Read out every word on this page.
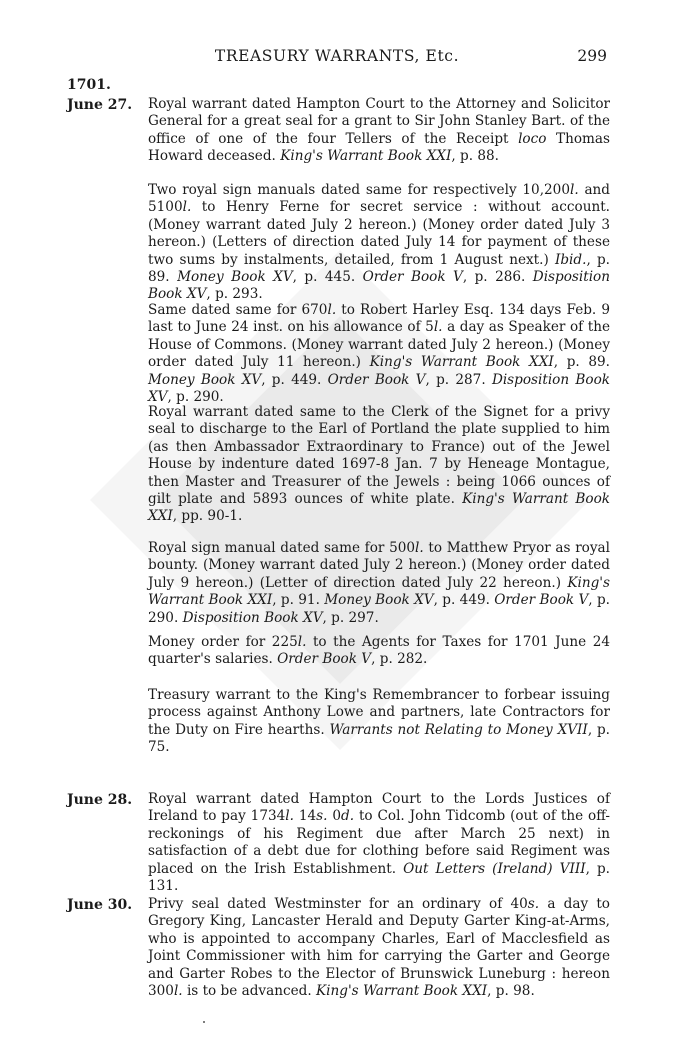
TREASURY WARRANTS, Etc.	299
1701.
June 27. Royal warrant dated Hampton Court to the Attorney and Solicitor General for a great seal for a grant to Sir John Stanley Bart. of the office of one of the four Tellers of the Receipt loco Thomas Howard deceased. King's Warrant Book XXI, p. 88.
Two royal sign manuals dated same for respectively 10,200l. and 5100l. to Henry Ferne for secret service : without account. (Money warrant dated July 2 hereon.) (Money order dated July 3 hereon.) (Letters of direction dated July 14 for payment of these two sums by instalments, detailed, from 1 August next.) Ibid., p. 89. Money Book XV, p. 445. Order Book V, p. 286. Disposition Book XV, p. 293.
Same dated same for 670l. to Robert Harley Esq. 134 days Feb. 9 last to June 24 inst. on his allowance of 5l. a day as Speaker of the House of Commons. (Money warrant dated July 2 hereon.) (Money order dated July 11 hereon.) King's Warrant Book XXI, p. 89. Money Book XV, p. 449. Order Book V, p. 287. Disposition Book XV, p. 290.
Royal warrant dated same to the Clerk of the Signet for a privy seal to discharge to the Earl of Portland the plate supplied to him (as then Ambassador Extraordinary to France) out of the Jewel House by indenture dated 1697-8 Jan. 7 by Heneage Montague, then Master and Treasurer of the Jewels : being 1066 ounces of gilt plate and 5893 ounces of white plate. King's Warrant Book XXI, pp. 90-1.
Royal sign manual dated same for 500l. to Matthew Pryor as royal bounty. (Money warrant dated July 2 hereon.) (Money order dated July 9 hereon.) (Letter of direction dated July 22 hereon.) King's Warrant Book XXI, p. 91. Money Book XV, p. 449. Order Book V, p. 290. Disposition Book XV, p. 297.
Money order for 225l. to the Agents for Taxes for 1701 June 24 quarter's salaries. Order Book V, p. 282.
Treasury warrant to the King's Remembrancer to forbear issuing process against Anthony Lowe and partners, late Contractors for the Duty on Fire hearths. Warrants not Relating to Money XVII, p. 75.
June 28. Royal warrant dated Hampton Court to the Lords Justices of Ireland to pay 1734l. 14s. 0d. to Col. John Tidcomb (out of the off-reckonings of his Regiment due after March 25 next) in satisfaction of a debt due for clothing before said Regiment was placed on the Irish Establishment. Out Letters (Ireland) VIII, p. 131.
June 30. Privy seal dated Westminster for an ordinary of 40s. a day to Gregory King, Lancaster Herald and Deputy Garter King-at-Arms, who is appointed to accompany Charles, Earl of Macclesfield as Joint Commissioner with him for carrying the Garter and George and Garter Robes to the Elector of Brunswick Luneburg : hereon 300l. is to be advanced. King's Warrant Book XXI, p. 98.
